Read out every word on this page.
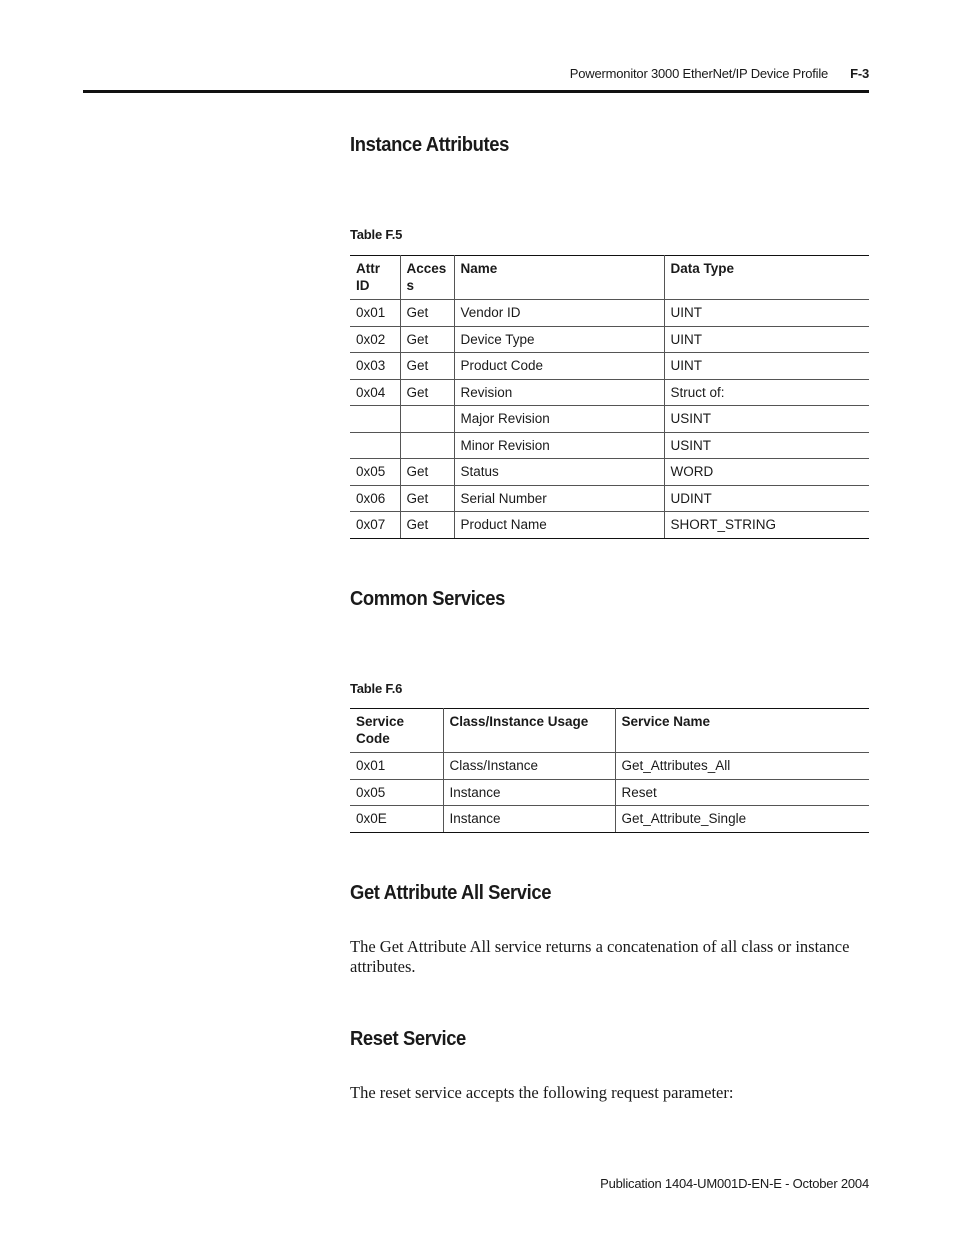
Powermonitor 3000 EtherNet/IP Device Profile F-3
Instance Attributes
Table F.5
Attr ID	Acces s	Name	Data Type
0x01	Get	Vendor ID	UINT
0x02	Get	Device Type	UINT
0x03	Get	Product Code	UINT
0x04	Get	Revision	Struct of:
		Major Revision	USINT
		Minor Revision	USINT
0x05	Get	Status	WORD
0x06	Get	Serial Number	UDINT
0x07	Get	Product Name	SHORT_STRING
Common Services
Table F.6
Service Code	Class/Instance Usage	Service Name
0x01	Class/Instance	Get_Attributes_All
0x05	Instance	Reset
0x0E	Instance	Get_Attribute_Single
Get Attribute All Service

The Get Attribute All service returns a concatenation of all class or instance attributes.

Reset Service

The reset service accepts the following request parameter:

Publication 1404-UM001D-EN-E - October 2004
